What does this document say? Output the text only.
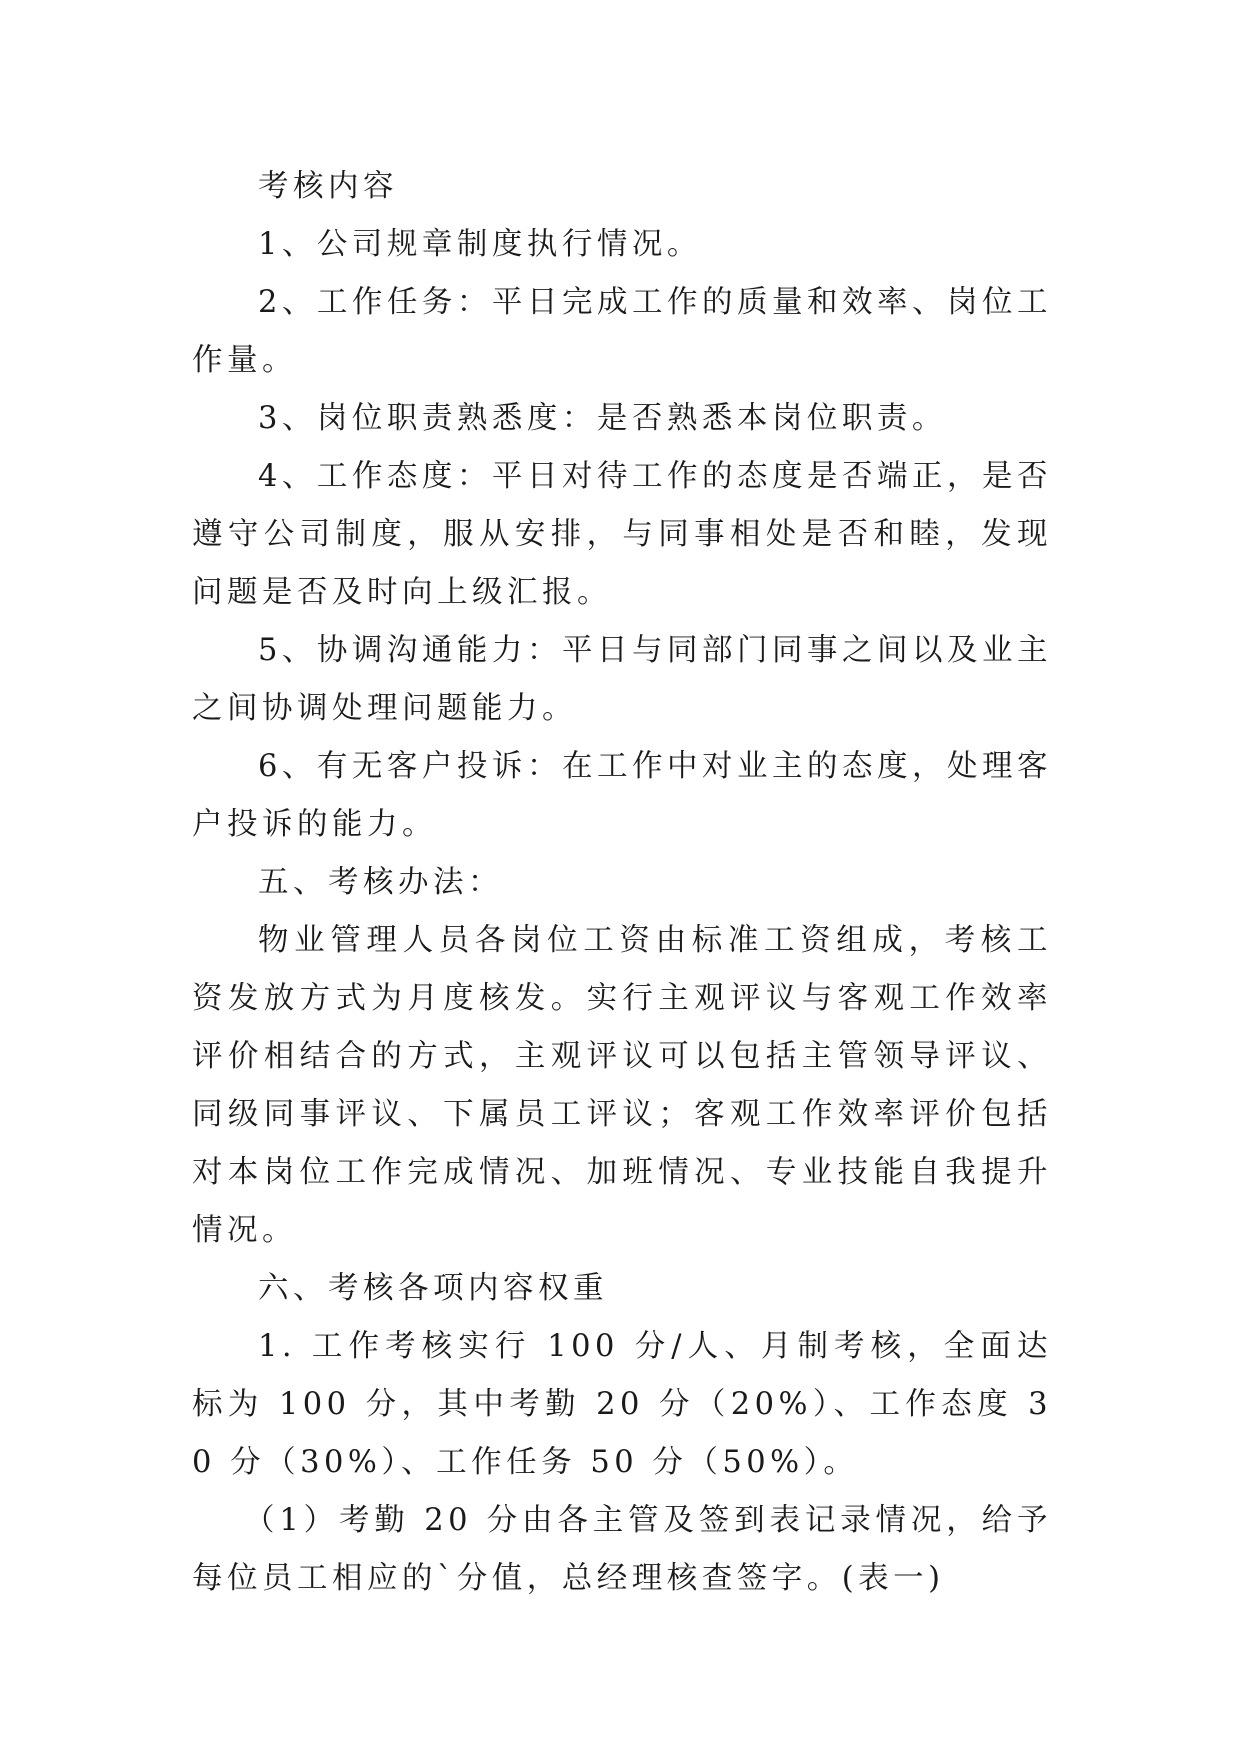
考核内容

1、公司规章制度执行情况。

2、工作任务：平日完成工作的质量和效率、岗位工作量。

3、岗位职责熟悉度：是否熟悉本岗位职责。

4、工作态度：平日对待工作的态度是否端正，是否遵守公司制度，服从安排，与同事相处是否和睦，发现问题是否及时向上级汇报。

5、协调沟通能力：平日与同部门同事之间以及业主之间协调处理问题能力。

6、有无客户投诉：在工作中对业主的态度，处理客户投诉的能力。

五、考核办法：

物业管理人员各岗位工资由标准工资组成，考核工资发放方式为月度核发。实行主观评议与客观工作效率评价相结合的方式，主观评议可以包括主管领导评议、同级同事评议、下属员工评议；客观工作效率评价包括对本岗位工作完成情况、加班情况、专业技能自我提升情况。

六、考核各项内容权重

1. 工作考核实行 100 分/人、月制考核，全面达标为 100 分，其中考勤 20 分（20%）、工作态度 30 分（30%）、工作任务 50 分（50%）。

（1）考勤 20 分由各主管及签到表记录情况，给予每位员工相应的`分值，总经理核查签字。(表一)
